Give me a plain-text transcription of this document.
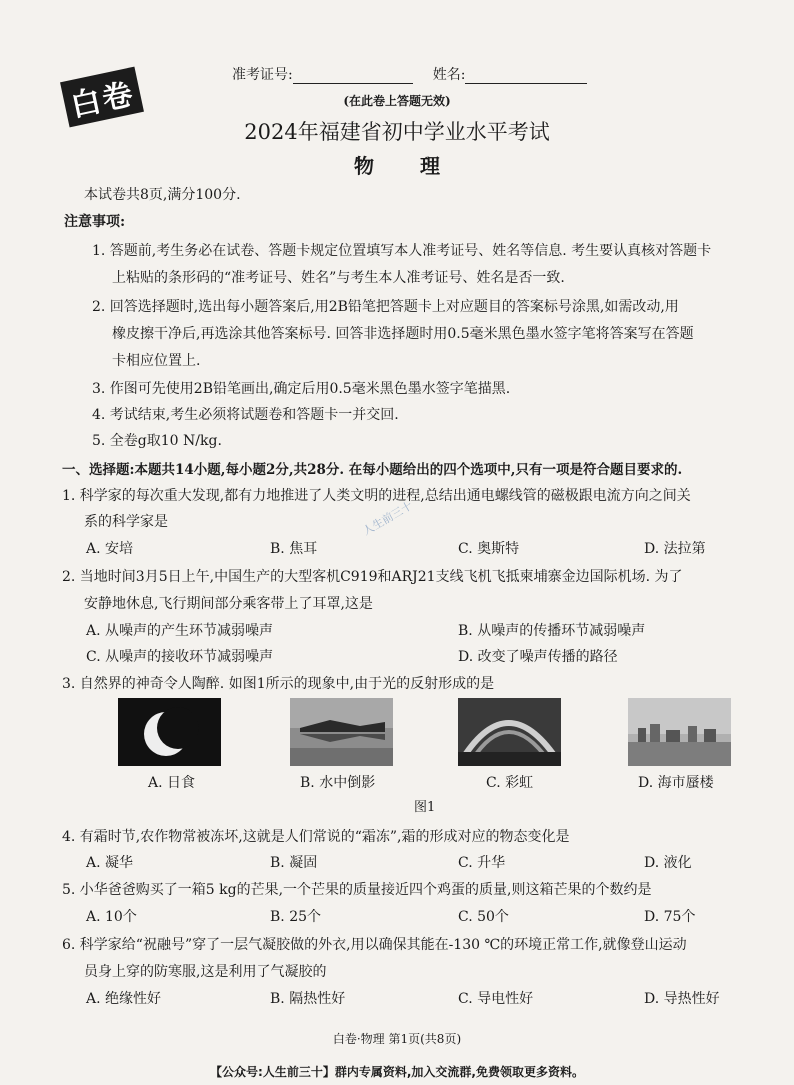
白卷
准考证号:	姓名:
(在此卷上答题无效)
2024年福建省初中学业水平考试
物理
本试卷共8页,满分100分.
注意事项:
1. 答题前,考生务必在试卷、答题卡规定位置填写本人准考证号、姓名等信息. 考生要认真核对答题卡
上粘贴的条形码的“准考证号、姓名”与考生本人准考证号、姓名是否一致.
2. 回答选择题时,选出每小题答案后,用2B铅笔把答题卡上对应题目的答案标号涂黑,如需改动,用
橡皮擦干净后,再选涂其他答案标号. 回答非选择题时用0.5毫米黑色墨水签字笔将答案写在答题
卡相应位置上.
3. 作图可先使用2B铅笔画出,确定后用0.5毫米黑色墨水签字笔描黑.
4. 考试结束,考生必须将试题卷和答题卡一并交回.
5. 全卷g取10 N/kg.
一、选择题:本题共14小题,每小题2分,共28分. 在每小题给出的四个选项中,只有一项是符合题目要求的.
1. 科学家的每次重大发现,都有力地推进了人类文明的进程,总结出通电螺线管的磁极跟电流方向之间关
系的科学家是
A. 安培	B. 焦耳	C. 奥斯特	D. 法拉第
人生前三十
2. 当地时间3月5日上午,中国生产的大型客机C919和ARJ21支线飞机飞抵柬埔寨金边国际机场. 为了
安静地休息,飞行期间部分乘客带上了耳罩,这是
A. 从噪声的产生环节减弱噪声	B. 从噪声的传播环节减弱噪声
C. 从噪声的接收环节减弱噪声	D. 改变了噪声传播的路径
3. 自然界的神奇令人陶醉. 如图1所示的现象中,由于光的反射形成的是
A. 日食	B. 水中倒影	C. 彩虹	D. 海市蜃楼
图1
4. 有霜时节,农作物常被冻坏,这就是人们常说的“霜冻”,霜的形成对应的物态变化是
A. 凝华	B. 凝固	C. 升华	D. 液化
5. 小华爸爸购买了一箱5 kg的芒果,一个芒果的质量接近四个鸡蛋的质量,则这箱芒果的个数约是
A. 10个	B. 25个	C. 50个	D. 75个
6. 科学家给“祝融号”穿了一层气凝胶做的外衣,用以确保其能在-130 ℃的环境正常工作,就像登山运动
员身上穿的防寒服,这是利用了气凝胶的
A. 绝缘性好	B. 隔热性好	C. 导电性好	D. 导热性好
白卷·物理 第1页(共8页)
【公众号:人生前三十】群内专属资料,加入交流群,免费领取更多资料。
